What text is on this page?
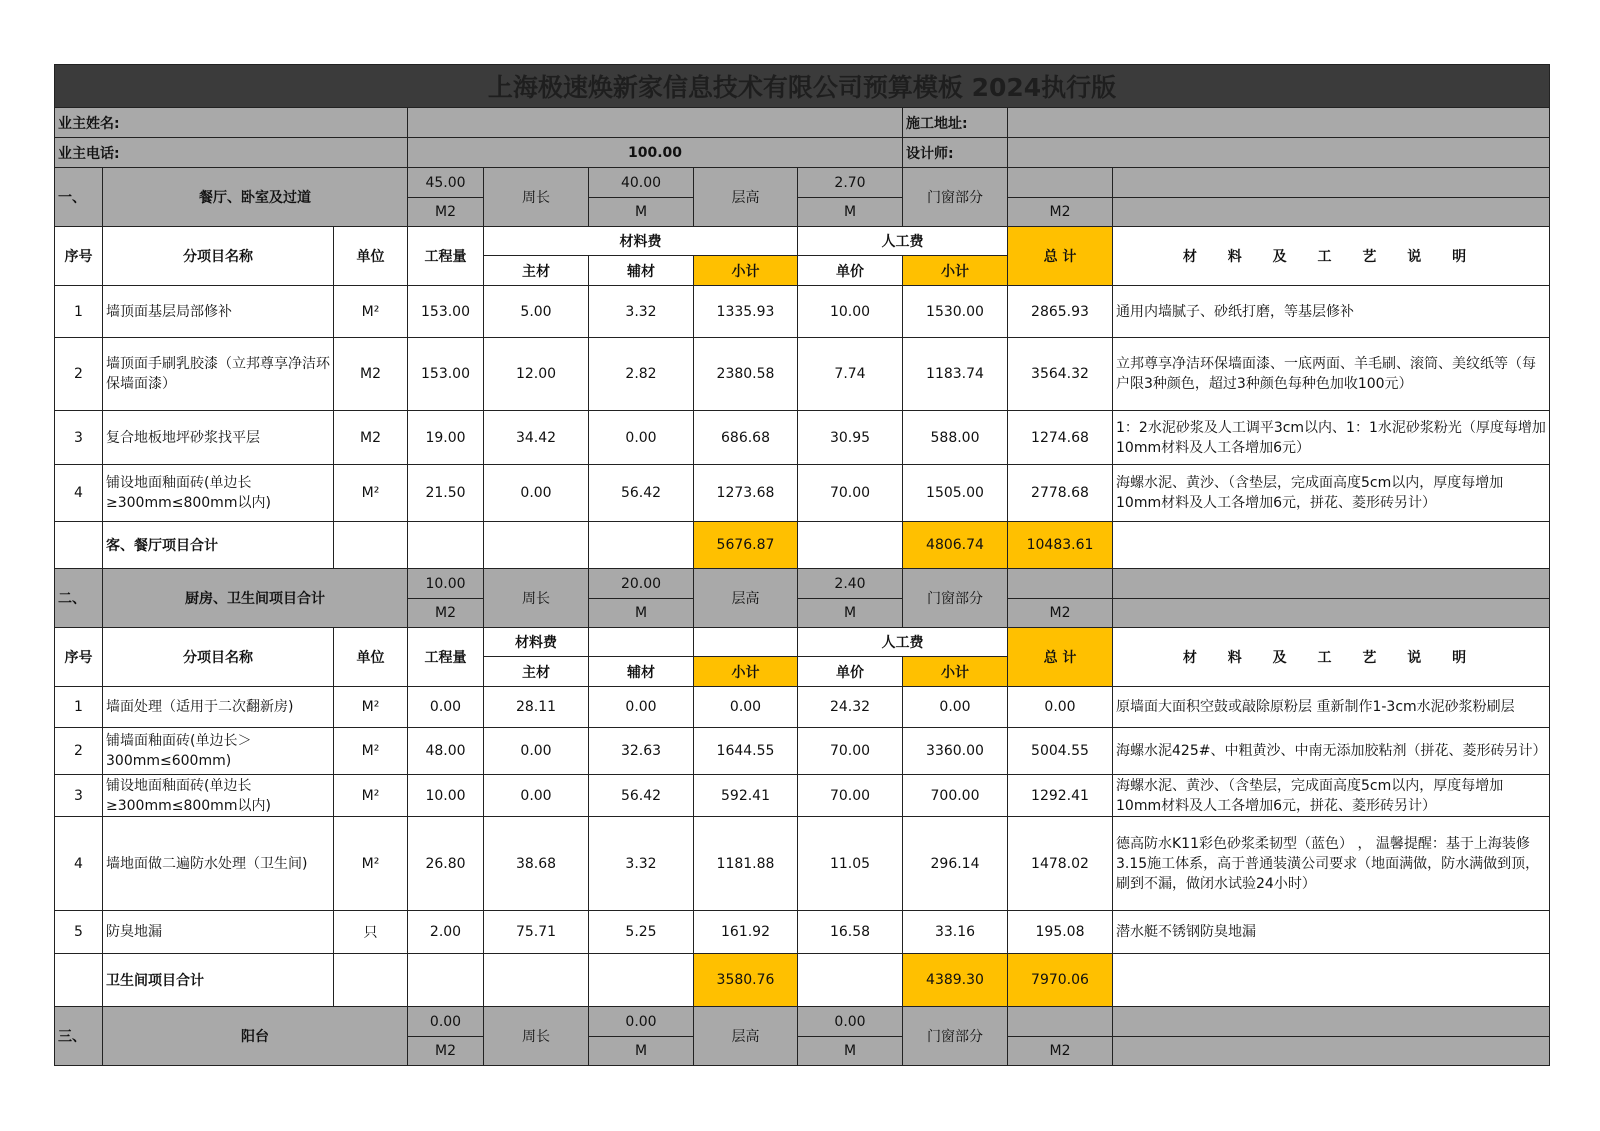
上海极速焕新家信息技术有限公司预算模板 2024执行版										
业主姓名:								施工地址:		
业主电话:			100.00					设计师:		
一、	餐厅、卧室及过道		45.00	周长	40.00	层高	2.70	门窗部分		
			M2		M		M		M2	
序号	分项目名称	单位	工程量	材料费			人工费		总 计	材 料 及 工 艺 说 明
				主材	辅材	小计	单价	小计		
1	墙顶面基层局部修补	M²	153.00	5.00	3.32	1335.93	10.00	1530.00	2865.93	通用内墙腻子、砂纸打磨，等基层修补
2	墙顶面手刷乳胶漆（立邦尊享净洁环保墙面漆）	M2	153.00	12.00	2.82	2380.58	7.74	1183.74	3564.32	立邦尊享净洁环保墙面漆、一底两面、羊毛刷、滚筒、美纹纸等（每户限3种颜色，超过3种颜色每种色加收100元）
3	复合地板地坪砂浆找平层	M2	19.00	34.42	0.00	686.68	30.95	588.00	1274.68	1：2水泥砂浆及人工调平3cm以内、1：1水泥砂浆粉光（厚度每增加10mm材料及人工各增加6元）
4	铺设地面釉面砖(单边长≥300mm≤800mm以内)	M²	21.50	0.00	56.42	1273.68	70.00	1505.00	2778.68	海螺水泥、黄沙、（含垫层，完成面高度5cm以内，厚度每增加10mm材料及人工各增加6元，拼花、菱形砖另计）
	客、餐厅项目合计					5676.87		4806.74	10483.61	
二、	厨房、卫生间项目合计		10.00	周长	20.00	层高	2.40	门窗部分		
			M2		M		M		M2	
序号	分项目名称	单位	工程量	材料费			人工费		总 计	材 料 及 工 艺 说 明
				主材	辅材	小计	单价	小计		
1	墙面处理（适用于二次翻新房)	M²	0.00	28.11	0.00	0.00	24.32	0.00	0.00	原墙面大面积空鼓或敲除原粉层 重新制作1-3cm水泥砂浆粉刷层
2	铺墙面釉面砖(单边长＞300mm≤600mm)	M²	48.00	0.00	32.63	1644.55	70.00	3360.00	5004.55	海螺水泥425#、中粗黄沙、中南无添加胶粘剂（拼花、菱形砖另计）
3	铺设地面釉面砖(单边长≥300mm≤800mm以内)	M²	10.00	0.00	56.42	592.41	70.00	700.00	1292.41	海螺水泥、黄沙、（含垫层，完成面高度5cm以内，厚度每增加10mm材料及人工各增加6元，拼花、菱形砖另计）
4	墙地面做二遍防水处理（卫生间)	M²	26.80	38.68	3.32	1181.88	11.05	296.14	1478.02	德高防水K11彩色砂浆柔韧型（蓝色） ， 温馨提醒：基于上海装修3.15施工体系，高于普通装潢公司要求（地面满做，防水满做到顶，刷到不漏，做闭水试验24小时）
5	防臭地漏	只	2.00	75.71	5.25	161.92	16.58	33.16	195.08	潜水艇不锈钢防臭地漏
	卫生间项目合计					3580.76		4389.30	7970.06	
三、	阳台		0.00	周长	0.00	层高	0.00	门窗部分		
			M2		M		M		M2	
